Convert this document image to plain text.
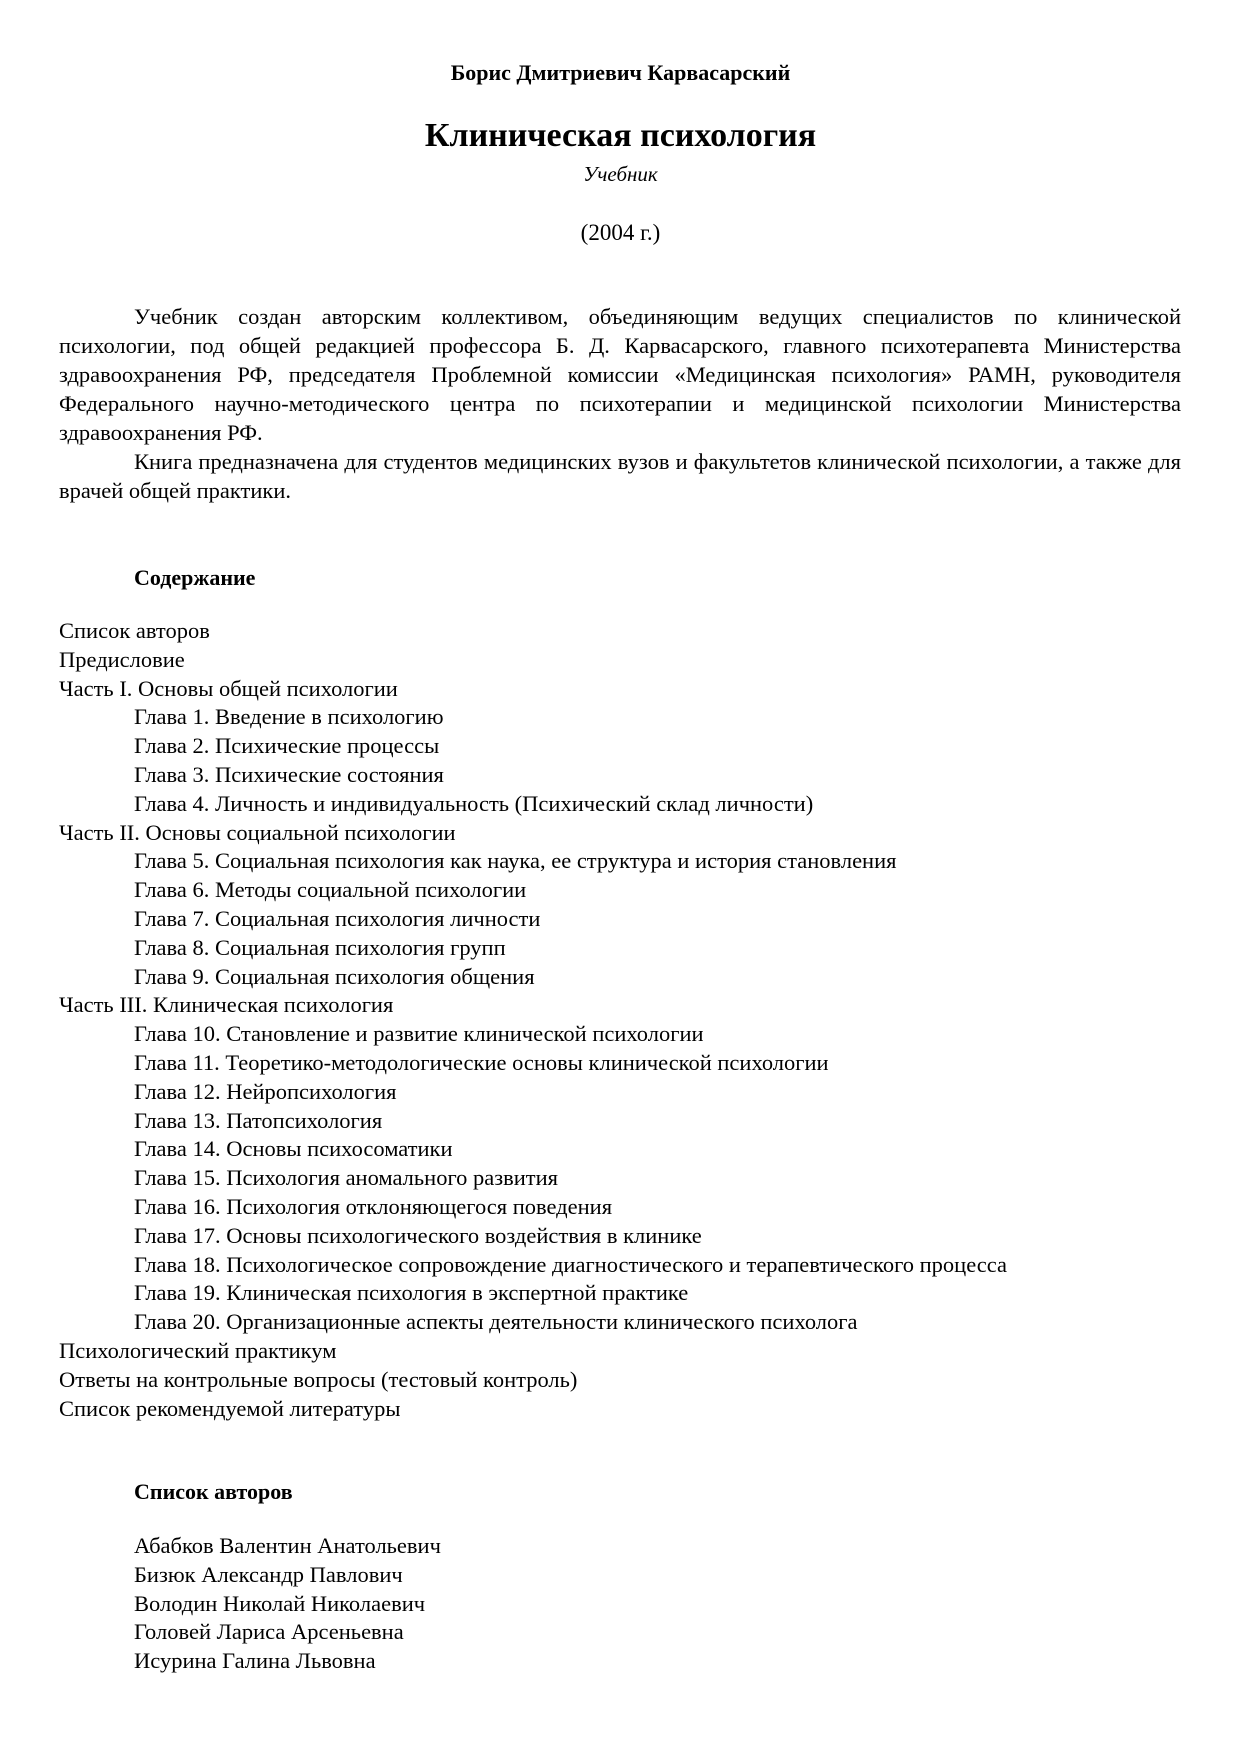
Борис Дмитриевич Карвасарский
Клиническая психология
Учебник
(2004 г.)

Учебник создан авторским коллективом, объединяющим ведущих специалистов по клинической психологии, под общей редакцией профессора Б. Д. Карвасарского, главного психотерапевта Министерства здравоохранения РФ, председателя Проблемной комиссии «Медицинская психология» РАМН, руководителя Федерального научно-методического центра по психотерапии и медицинской психологии Министерства здравоохранения РФ.

Книга предназначена для студентов медицинских вузов и факультетов клинической психологии, а также для врачей общей практики.

Содержание
Список авторов
Предисловие
Часть I. Основы общей психологии
Глава 1. Введение в психологию
Глава 2. Психические процессы
Глава 3. Психические состояния
Глава 4. Личность и индивидуальность (Психический склад личности)
Часть II. Основы социальной психологии
Глава 5. Социальная психология как наука, ее структура и история становления
Глава 6. Методы социальной психологии
Глава 7. Социальная психология личности
Глава 8. Социальная психология групп
Глава 9. Социальная психология общения
Часть III. Клиническая психология
Глава 10. Становление и развитие клинической психологии
Глава 11. Теоретико-методологические основы клинической психологии
Глава 12. Нейропсихология
Глава 13. Патопсихология
Глава 14. Основы психосоматики
Глава 15. Психология аномального развития
Глава 16. Психология отклоняющегося поведения
Глава 17. Основы психологического воздействия в клинике
Глава 18. Психологическое сопровождение диагностического и терапевтического процесса
Глава 19. Клиническая психология в экспертной практике
Глава 20. Организационные аспекты деятельности клинического психолога
Психологический практикум
Ответы на контрольные вопросы (тестовый контроль)
Список рекомендуемой литературы
Список авторов
Абабков Валентин Анатольевич
Бизюк Александр Павлович
Володин Николай Николаевич
Головей Лариса Арсеньевна
Исурина Галина Львовна
